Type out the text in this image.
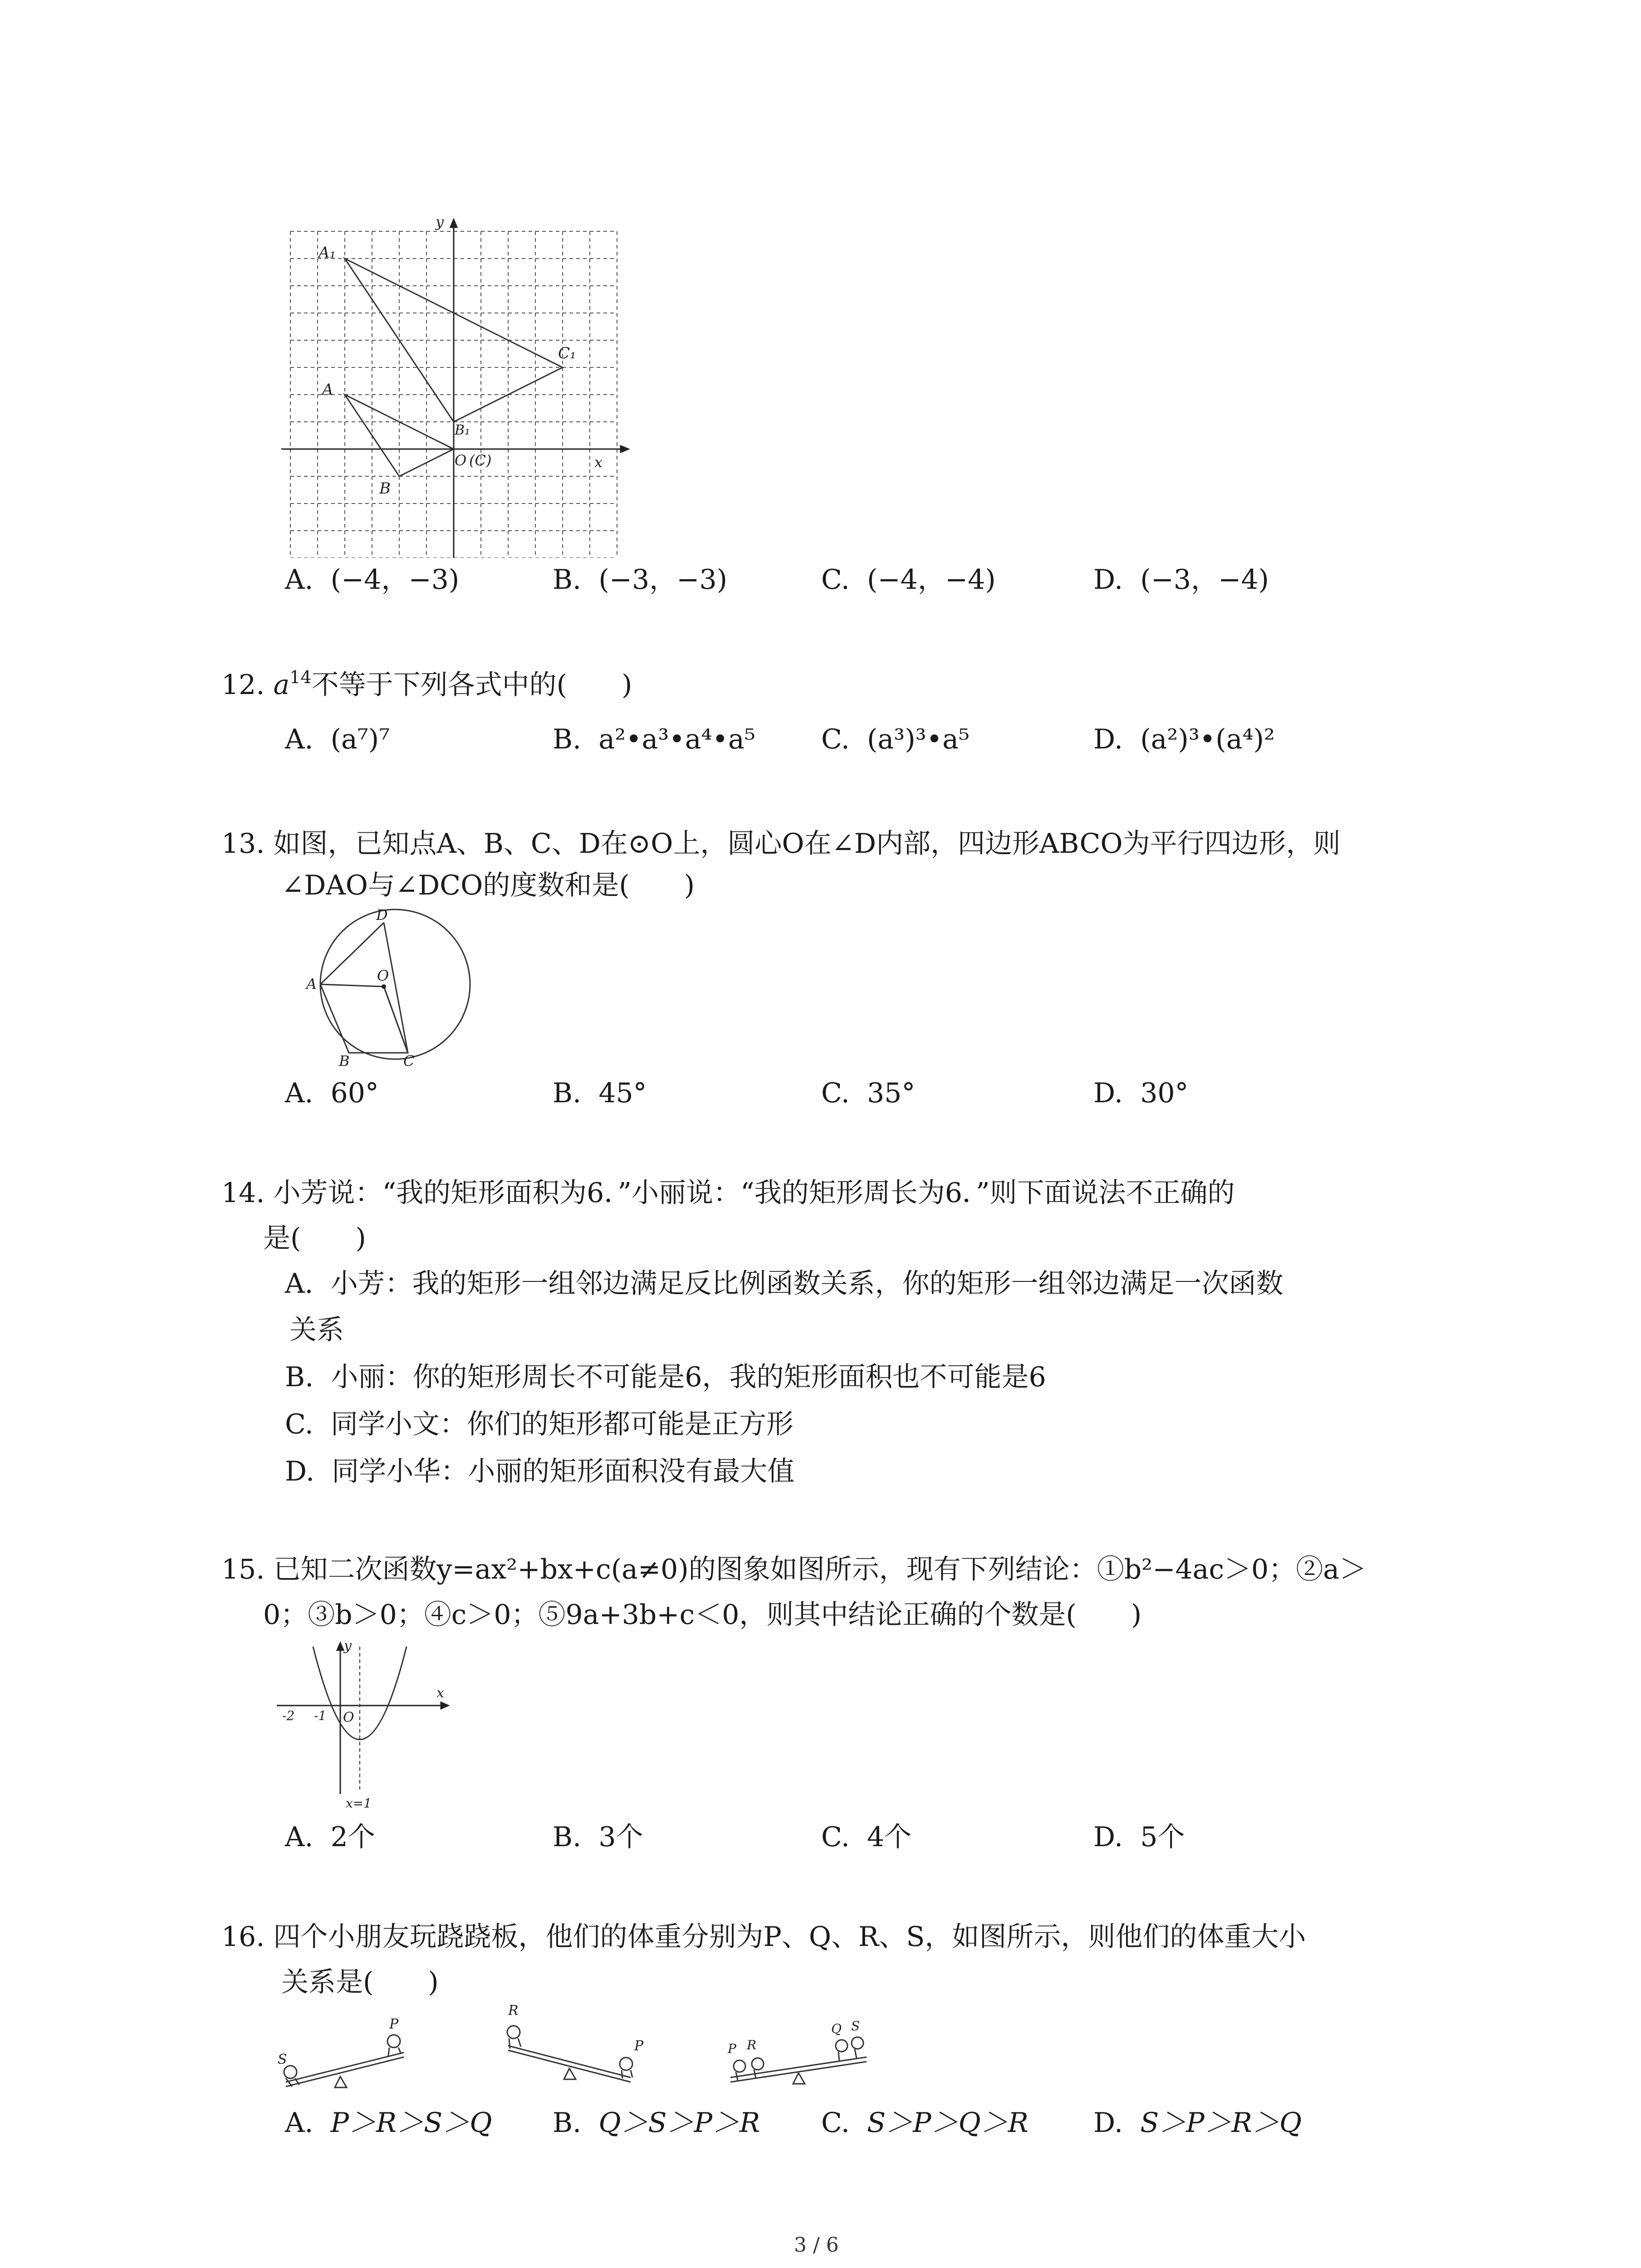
A₁
C₁
A
B₁
B
O (C)	x
y
A. (−4，−3)	B. (−3，−3)	C. (−4，−4)	D. (−3，−4)
12. $a^{14}$不等于下列各式中的(　　)
A. (a⁷)⁷	B. a²•a³•a⁴•a⁵ C. (a³)³•a⁵	D. (a²)³•(a⁴)²
13. 如图，已知点A、B、C、D在⊙O上，圆心O在∠D内部，四边形ABCO为平行四边形，则
∠DAO与∠DCO的度数和是(　　)
A
B	C
D
O
A. 60°	B. 45°	C. 35°	D. 30°
14. 小芳说：“我的矩形面积为6．”小丽说：“我的矩形周长为6．”则下面说法不正确的
是(　　)
A. 小芳：我的矩形一组邻边满足反比例函数关系，你的矩形一组邻边满足一次函数
关系
B. 小丽：你的矩形周长不可能是6，我的矩形面积也不可能是6
C. 同学小文：你们的矩形都可能是正方形
D. 同学小华：小丽的矩形面积没有最大值
15. 已知二次函数y=ax²+bx+c(a≠0)的图象如图所示，现有下列结论：①b²−4ac＞0；②a＞
0；③b＞0；④c＞0；⑤9a+3b+c＜0，则其中结论正确的个数是(　　)
y
x
-2 -1 O
x=1
A. 2个	B. 3个	C. 4个	D. 5个
16. 四个小朋友玩跷跷板，他们的体重分别为P、Q、R、S，如图所示，则他们的体重大小
关系是(　　)
S
P
R
P	P R
Q S
A. P＞R＞S＞Q B. Q＞S＞P＞R C. S＞P＞Q＞R D. S＞P＞R＞Q
3 / 6
